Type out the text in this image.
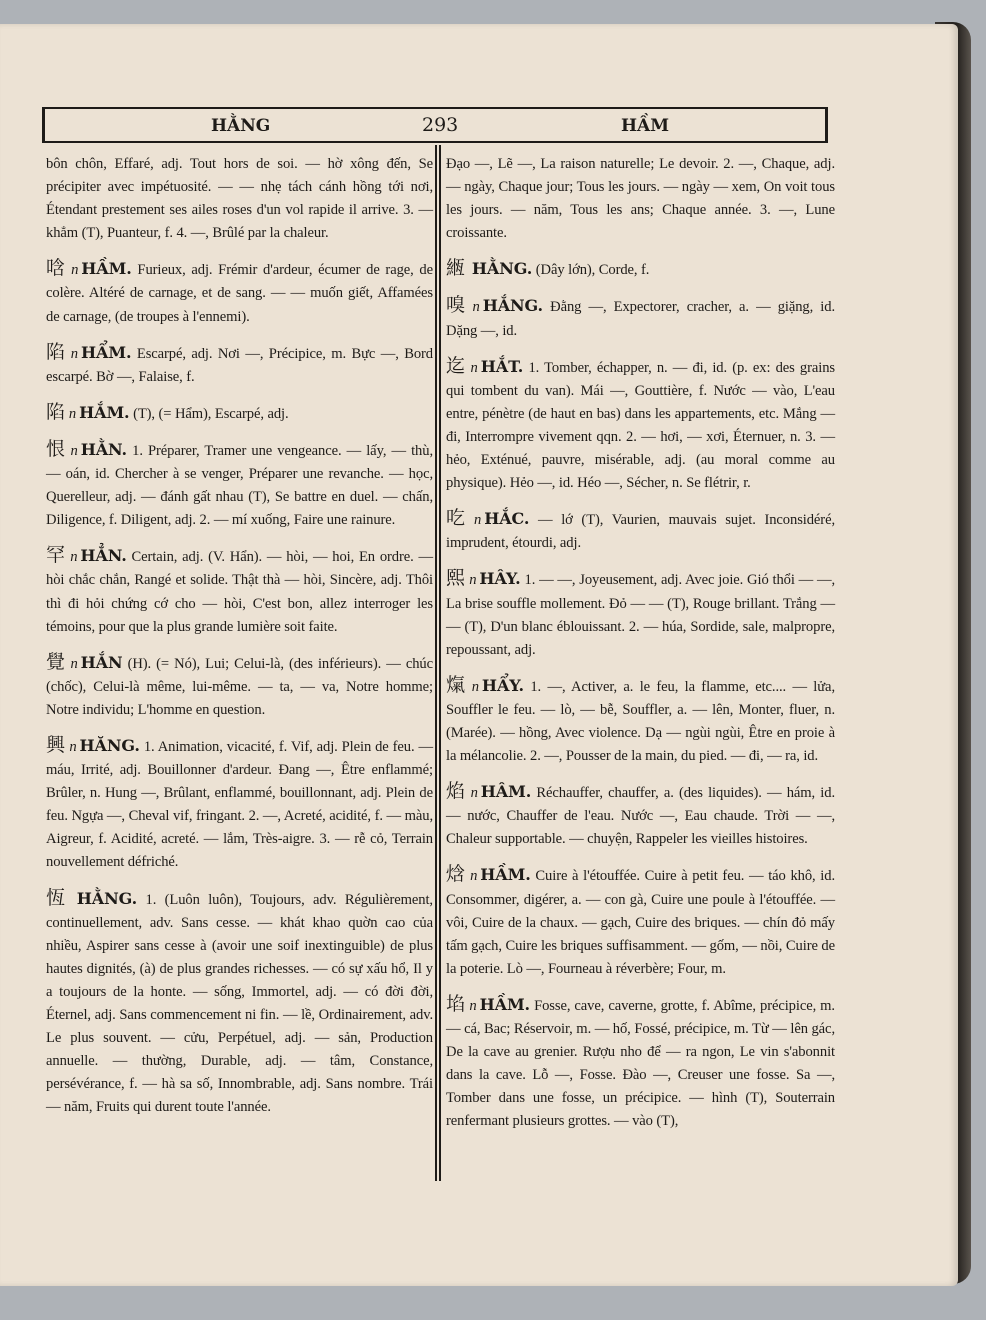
HẰNG	293	HẦM

bôn chôn, Effaré, adj. Tout hors de soi. — hờ xông đến, Se précipiter avec impétuosité. — — nhẹ tách cánh hồng tới nơi, Étendant prestement ses ailes roses d'un vol rapide il arrive. 3. — khẳm (T), Puanteur, f. 4. —, Brûlé par la chaleur.

唅 n HẦM. Furieux, adj. Frémir d'ardeur, écumer de rage, de colère. Altéré de carnage, et de sang. — — muốn giết, Affamées de carnage, (de troupes à l'ennemi).

陷 n HẨM. Escarpé, adj. Nơi —, Précipice, m. Bực —, Bord escarpé. Bờ —, Falaise, f.

陷 n HẮM. (T), (= Hẩm), Escarpé, adj.

恨 n HẰN. 1. Préparer, Tramer une vengeance. — lấy, — thù, — oán, id. Chercher à se venger, Préparer une revanche. — học, Querelleur, adj. — đánh gất nhau (T), Se battre en duel. — chấn, Diligence, f. Diligent, adj. 2. — mí xuống, Faire une rainure.

罕 n HẲN. Certain, adj. (V. Hẩn). — hòi, — hoi, En ordre. — hòi chắc chắn, Rangé et solide. Thật thà — hòi, Sincère, adj. Thôi thì đi hỏi chứng cớ cho — hòi, C'est bon, allez interroger les témoins, pour que la plus grande lumière soit faite.

覺 n HẮN (H). (= Nó), Lui; Celui-là, (des inférieurs). — chúc (chốc), Celui-là même, lui-même. — ta, — va, Notre homme; Notre individu; L'homme en question.

興 n HĂNG. 1. Animation, vicacité, f. Vif, adj. Plein de feu. — máu, Irrité, adj. Bouillonner d'ardeur. Đang —, Être enflammé; Brûler, n. Hung —, Brûlant, enflammé, bouillonnant, adj. Plein de feu. Ngựa —, Cheval vif, fringant. 2. —, Acreté, acidité, f. — màu, Aigreur, f. Acidité, acreté. — lắm, Très-aigre. 3. — rễ cỏ, Terrain nouvellement défriché.

恆 HẰNG. 1. (Luôn luôn), Toujours, adv. Régulièrement, continuellement, adv. Sans cesse. — khát khao quờn cao của nhiều, Aspirer sans cesse à (avoir une soif inextinguible) de plus hautes dignités, (à) de plus grandes richesses. — có sự xấu hổ, Il y a toujours de la honte. — sống, Immortel, adj. — có đời đời, Éternel, adj. Sans commencement ni fin. — lề, Ordinairement, adv. Le plus souvent. — cửu, Perpétuel, adj. — sản, Production annuelle. — thường, Durable, adj. — tâm, Constance, persévérance, f. — hà sa số, Innombrable, adj. Sans nombre. Trái — năm, Fruits qui durent toute l'année.

Đạo —, Lẽ —, La raison naturelle; Le devoir. 2. —, Chaque, adj. — ngày, Chaque jour; Tous les jours. — ngày — xem, On voit tous les jours. — năm, Tous les ans; Chaque année. 3. —, Lune croissante.

緪 HẰNG. (Dây lớn), Corde, f.

嗅 n HẮNG. Đằng —, Expectorer, cracher, a. — giặng, id. Dặng —, id.

迄 n HẮT. 1. Tomber, échapper, n. — đi, id. (p. ex: des grains qui tombent du van). Mái —, Gouttière, f. Nước — vào, L'eau entre, pénètre (de haut en bas) dans les appartements, etc. Mắng — đi, Interrompre vivement qqn. 2. — hơi, — xơi, Éternuer, n. 3. — hẻo, Exténué, pauvre, misérable, adj. (au moral comme au physique). Hẻo —, id. Héo —, Sécher, n. Se flétrir, r.

吃 n HẮC. — lớ (T), Vaurien, mauvais sujet. Inconsidéré, imprudent, étourdi, adj.

熙 n HÂY. 1. — —, Joyeusement, adj. Avec joie. Gió thổi — —, La brise souffle mollement. Đỏ — — (T), Rouge brillant. Trắng — — (T), D'un blanc éblouissant. 2. — húa, Sordide, sale, malpropre, repoussant, adj.

熂 n HẨY. 1. —, Activer, a. le feu, la flamme, etc.... — lửa, Souffler le feu. — lò, — bễ, Souffler, a. — lên, Monter, fluer, n. (Marée). — hồng, Avec violence. Dạ — ngùi ngùi, Être en proie à la mélancolie. 2. —, Pousser de la main, du pied. — đi, — ra, id.

焰 n HÂM. Réchauffer, chauffer, a. (des liquides). — hám, id. — nước, Chauffer de l'eau. Nước —, Eau chaude. Trời — —, Chaleur supportable. — chuyện, Rappeler les vieilles histoires.

焓 n HẦM. Cuire à l'étouffée. Cuire à petit feu. — táo khô, id. Consommer, digérer, a. — con gà, Cuire une poule à l'étouffée. — vôi, Cuire de la chaux. — gạch, Cuire des briques. — chín đỏ mấy tấm gạch, Cuire les briques suffisamment. — gốm, — nồi, Cuire de la poterie. Lò —, Fourneau à réverbère; Four, m.

埳 n HẦM. Fosse, cave, caverne, grotte, f. Abîme, précipice, m. — cá, Bac; Réservoir, m. — hố, Fossé, précipice, m. Từ — lên gác, De la cave au grenier. Rượu nho để — ra ngon, Le vin s'abonnit dans la cave. Lỗ —, Fosse. Đào —, Creuser une fosse. Sa —, Tomber dans une fosse, un précipice. — hình (T), Souterrain renfermant plusieurs grottes. — vào (T),
